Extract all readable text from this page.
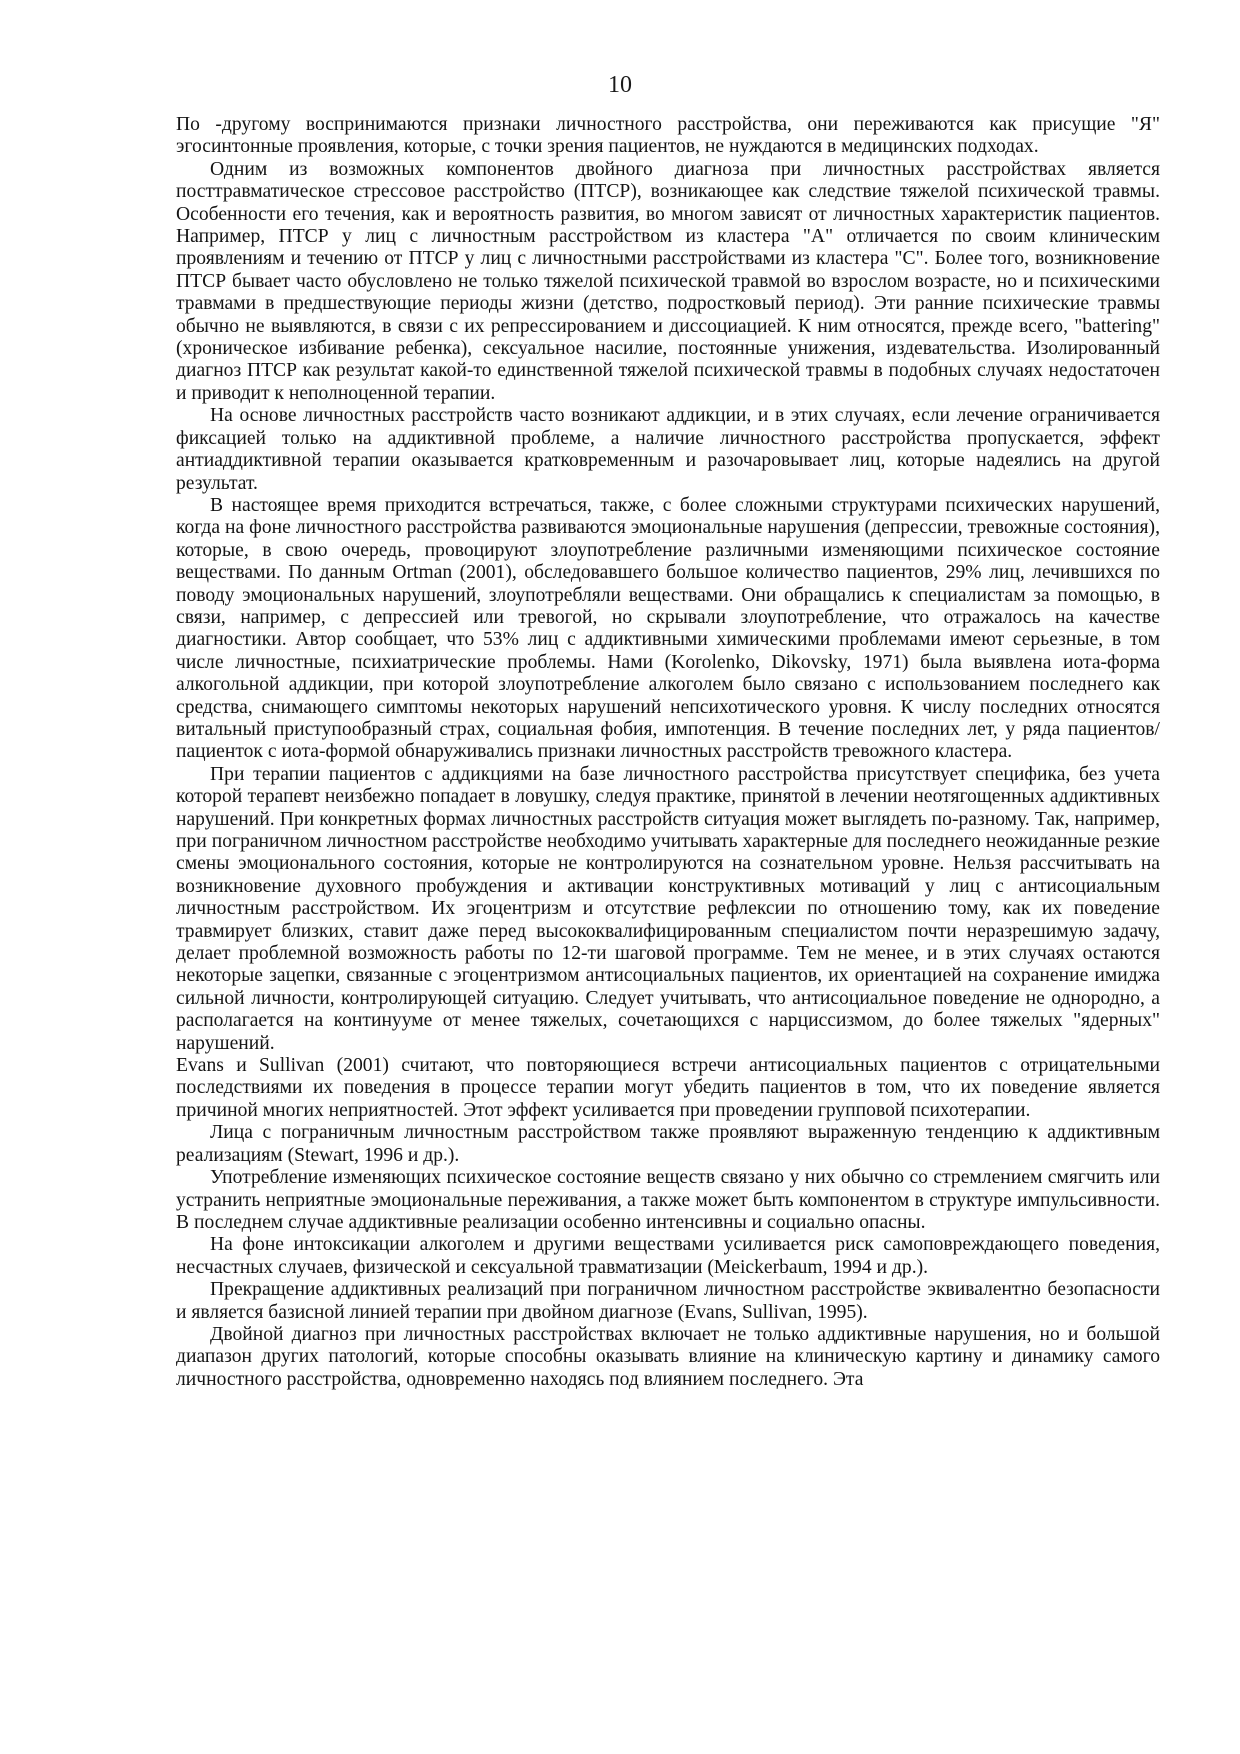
10

По -другому воспринимаются признаки личностного расстройства, они переживаются как присущие "Я" эгосинтонные проявления, которые, с точки зрения пациентов, не нуждаются в медицинских подходах.

Одним из возможных компонентов двойного диагноза при личностных расстройствах является посттравматическое стрессовое расстройство (ПТСР), возникающее как следствие тяжелой психической травмы. Особенности его течения, как и вероятность развития, во многом зависят от личностных характеристик пациентов. Например, ПТСР у лиц с личностным расстройством из кластера "А" отличается по своим клиническим проявлениям и течению от ПТСР у лиц с личностными расстройствами из кластера "С". Более того, возникновение ПТСР бывает часто обусловлено не только тяжелой психической травмой во взрослом возрасте, но и психическими травмами в предшествующие периоды жизни (детство, подростковый период). Эти ранние психические травмы обычно не выявляются, в связи с их репрессированием и диссоциацией. К ним относятся, прежде всего, "battering" (хроническое избивание ребенка), сексуальное насилие, постоянные унижения, издевательства. Изолированный диагноз ПТСР как результат какой-то единственной тяжелой психической травмы в подобных случаях недостаточен и приводит к неполноценной терапии.

На основе личностных расстройств часто возникают аддикции, и в этих случаях, если лечение ограничивается фиксацией только на аддиктивной проблеме, а наличие личностного расстройства пропускается, эффект антиаддиктивной терапии оказывается кратковременным и разочаровывает лиц, которые надеялись на другой результат.

В настоящее время приходится встречаться, также, с более сложными структурами психических нарушений, когда на фоне личностного расстройства развиваются эмоциональные нарушения (депрессии, тревожные состояния), которые, в свою очередь, провоцируют злоупотребление различными изменяющими психическое состояние веществами. По данным Ortman (2001), обследовавшего большое количество пациентов, 29% лиц, лечившихся по поводу эмоциональных нарушений, злоупотребляли веществами. Они обращались к специалистам за помощью, в связи, например, с депрессией или тревогой, но скрывали злоупотребление, что отражалось на качестве диагностики. Автор сообщает, что 53% лиц с аддиктивными химическими проблемами имеют серьезные, в том числе личностные, психиатрические проблемы. Нами (Korolenko, Dikovsky, 1971) была выявлена иота-форма алкогольной аддикции, при которой злоупотребление алкоголем было связано с использованием последнего как средства, снимающего симптомы некоторых нарушений непсихотического уровня. К числу последних относятся витальный приступообразный страх, социальная фобия, импотенция. В течение последних лет, у ряда пациентов/пациенток с иота-формой обнаруживались признаки личностных расстройств тревожного кластера.

При терапии пациентов с аддикциями на базе личностного расстройства присутствует специфика, без учета которой терапевт неизбежно попадает в ловушку, следуя практике, принятой в лечении неотягощенных аддиктивных нарушений. При конкретных формах личностных расстройств ситуация может выглядеть по-разному. Так, например, при пограничном личностном расстройстве необходимо учитывать характерные для последнего неожиданные резкие смены эмоционального состояния, которые не контролируются на сознательном уровне. Нельзя рассчитывать на возникновение духовного пробуждения и активации конструктивных мотиваций у лиц с антисоциальным личностным расстройством. Их эгоцентризм и отсутствие рефлексии по отношению тому, как их поведение травмирует близких, ставит даже перед высококвалифицированным специалистом почти неразрешимую задачу, делает проблемной возможность работы по 12-ти шаговой программе. Тем не менее, и в этих случаях остаются некоторые зацепки, связанные с эгоцентризмом антисоциальных пациентов, их ориентацией на сохранение имиджа сильной личности, контролирующей ситуацию. Следует учитывать, что антисоциальное поведение не однородно, а располагается на континууме от менее тяжелых, сочетающихся с нарциссизмом, до более тяжелых "ядерных" нарушений.

Evans и Sullivan (2001) считают, что повторяющиеся встречи антисоциальных пациентов с отрицательными последствиями их поведения в процессе терапии могут убедить пациентов в том, что их поведение является причиной многих неприятностей. Этот эффект усиливается при проведении групповой психотерапии.

Лица с пограничным личностным расстройством также проявляют выраженную тенденцию к аддиктивным реализациям (Stewart, 1996 и др.).

Употребление изменяющих психическое состояние веществ связано у них обычно со стремлением смягчить или устранить неприятные эмоциональные переживания, а также может быть компонентом в структуре импульсивности. В последнем случае аддиктивные реализации особенно интенсивны и социально опасны.

На фоне интоксикации алкоголем и другими веществами усиливается риск самоповреждающего поведения, несчастных случаев, физической и сексуальной травматизации (Meickerbaum, 1994 и др.).

Прекращение аддиктивных реализаций при пограничном личностном расстройстве эквивалентно безопасности и является базисной линией терапии при двойном диагнозе (Evans, Sullivan, 1995).

Двойной диагноз при личностных расстройствах включает не только аддиктивные нарушения, но и большой диапазон других патологий, которые способны оказывать влияние на клиническую картину и динамику самого личностного расстройства, одновременно находясь под влиянием последнего. Эта
